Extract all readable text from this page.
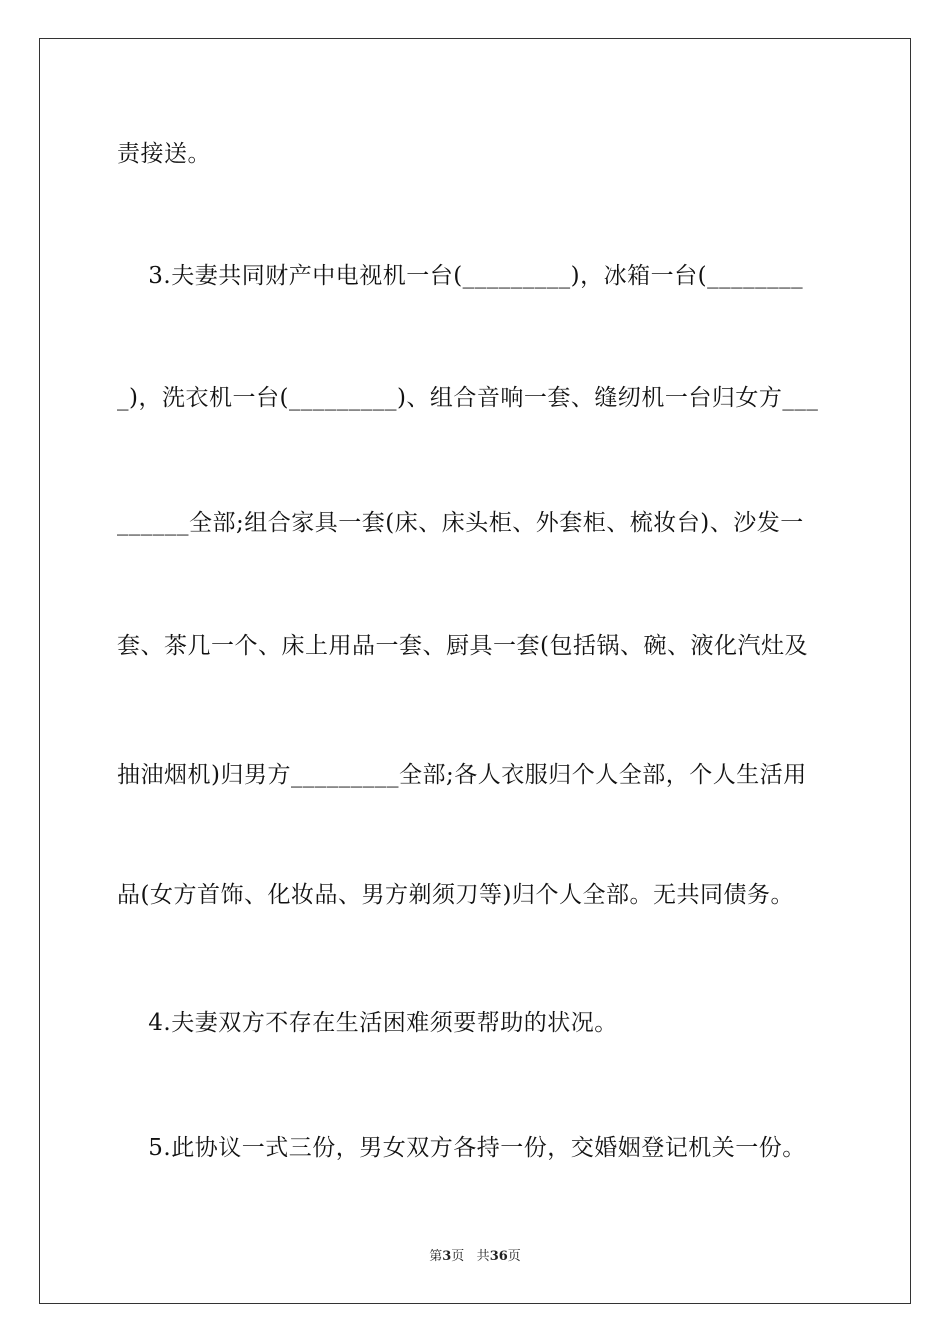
责接送。
3.夫妻共同财产中电视机一台(_________)，冰箱一台(________
_)，洗衣机一台(_________)、组合音响一套、缝纫机一台归女方___
______全部;组合家具一套(床、床头柜、外套柜、梳妆台)、沙发一
套、茶几一个、床上用品一套、厨具一套(包括锅、碗、液化汽灶及
抽油烟机)归男方_________全部;各人衣服归个人全部，个人生活用
品(女方首饰、化妆品、男方剃须刀等)归个人全部。无共同债务。
4.夫妻双方不存在生活困难须要帮助的状况。
5.此协议一式三份，男女双方各持一份，交婚姻登记机关一份。
第3页 共36页
